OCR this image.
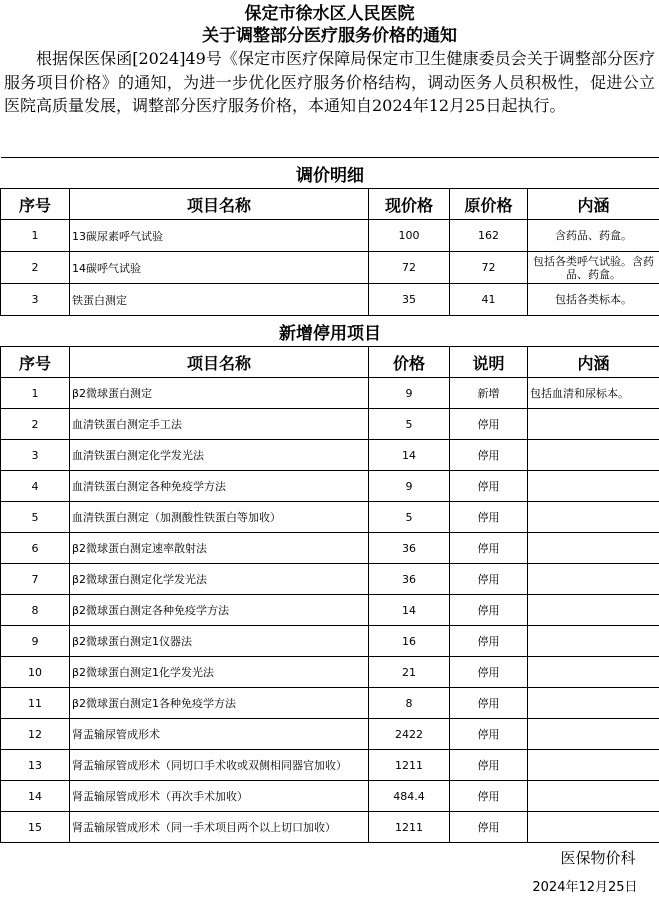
保定市徐水区人民医院
关于调整部分医疗服务价格的通知
根据保医保函[2024]49号《保定市医疗保障局保定市卫生健康委员会关于调整部分医疗服务项目价格》的通知，为进一步优化医疗服务价格结构，调动医务人员积极性，促进公立医院高质量发展，调整部分医疗服务价格，本通知自2024年12月25日起执行。
调价明细				
序号	项目名称	现价格	原价格	内涵
1	13碳尿素呼气试验	100	162	含药品、药盒。
2	14碳呼气试验	72	72	包括各类呼气试验。含药品、药盒。
3	铁蛋白测定	35	41	包括各类标本。
新增停用项目				
序号	项目名称	价格	说明	内涵
1	β2微球蛋白测定	9	新增	包括血清和尿标本。
2	血清铁蛋白测定手工法	5	停用	
3	血清铁蛋白测定化学发光法	14	停用	
4	血清铁蛋白测定各种免疫学方法	9	停用	
5	血清铁蛋白测定（加测酸性铁蛋白等加收）	5	停用	
6	β2微球蛋白测定速率散射法	36	停用	
7	β2微球蛋白测定化学发光法	36	停用	
8	β2微球蛋白测定各种免疫学方法	14	停用	
9	β2微球蛋白测定1仪器法	16	停用	
10	β2微球蛋白测定1化学发光法	21	停用	
11	β2微球蛋白测定1各种免疫学方法	8	停用	
12	肾盂输尿管成形术	2422	停用	
13	肾盂输尿管成形术（同切口手术收或双侧相同器官加收）	1211	停用	
14	肾盂输尿管成形术（再次手术加收）	484.4	停用	
15	肾盂输尿管成形术（同一手术项目两个以上切口加收）	1211	停用	
医保物价科				
2024年12月25日				
